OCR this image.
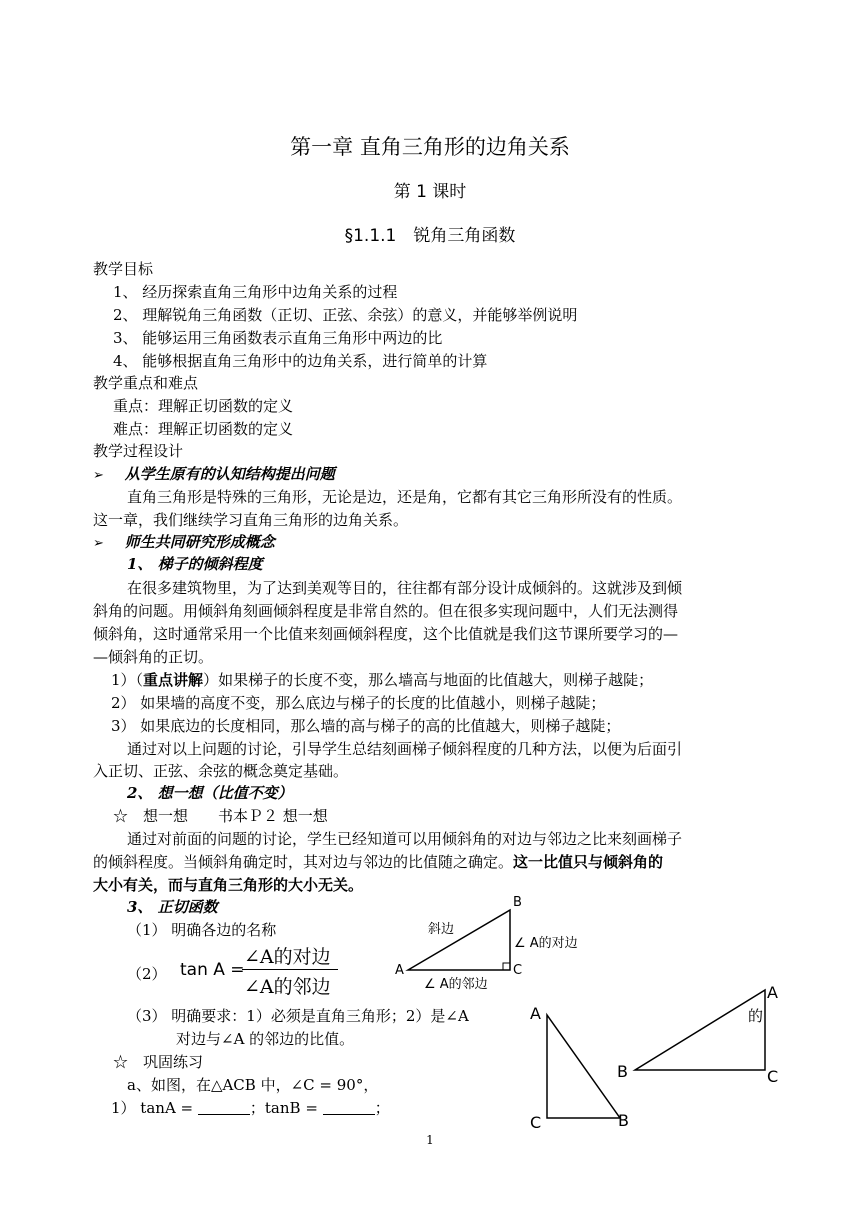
第一章 直角三角形的边角关系
第 1 课时
§1.1.1　锐角三角函数
教学目标
1、 经历探索直角三角形中边角关系的过程
2、 理解锐角三角函数（正切、正弦、余弦）的意义，并能够举例说明
3、 能够运用三角函数表示直角三角形中两边的比
4、 能够根据直角三角形中的边角关系，进行简单的计算
教学重点和难点
重点：理解正切函数的定义
难点：理解正切函数的定义
教学过程设计
➢ 从学生原有的认知结构提出问题
直角三角形是特殊的三角形，无论是边，还是角，它都有其它三角形所没有的性质。
这一章，我们继续学习直角三角形的边角关系。
➢ 师生共同研究形成概念
1、 梯子的倾斜程度
在很多建筑物里，为了达到美观等目的，往往都有部分设计成倾斜的。这就涉及到倾
斜角的问题。用倾斜角刻画倾斜程度是非常自然的。但在很多实现问题中，人们无法测得
倾斜角，这时通常采用一个比值来刻画倾斜程度，这个比值就是我们这节课所要学习的—
—倾斜角的正切。
1）（重点讲解）如果梯子的长度不变，那么墙高与地面的比值越大，则梯子越陡；
2） 如果墙的高度不变，那么底边与梯子的长度的比值越小，则梯子越陡；
3） 如果底边的长度相同，那么墙的高与梯子的高的比值越大，则梯子越陡；
通过对以上问题的讨论，引导学生总结刻画梯子倾斜程度的几种方法，以便为后面引
入正切、正弦、余弦的概念奠定基础。
2、 想一想（比值不变）
☆　想一想　　书本Ｐ２ 想一想
通过对前面的问题的讨论，学生已经知道可以用倾斜角的对边与邻边之比来刻画梯子
的倾斜程度。当倾斜角确定时，其对边与邻边的比值随之确定。这一比值只与倾斜角的
大小有关，而与直角三角形的大小无关。
3、 正切函数
（1） 明确各边的名称
（2） tan A =
∠A的对边
∠A的邻边
（3） 明确要求：1）必须是直角三角形；2）是∠A	的
对边与∠A 的邻边的比值。
☆　巩固练习
a、如图，在△ACB 中，∠C = 90°，
1） tanA =	；tanB =	；
斜边
∠ A的对边
∠ A的邻边
A
B
C
A
C	B
A
B	C
1
